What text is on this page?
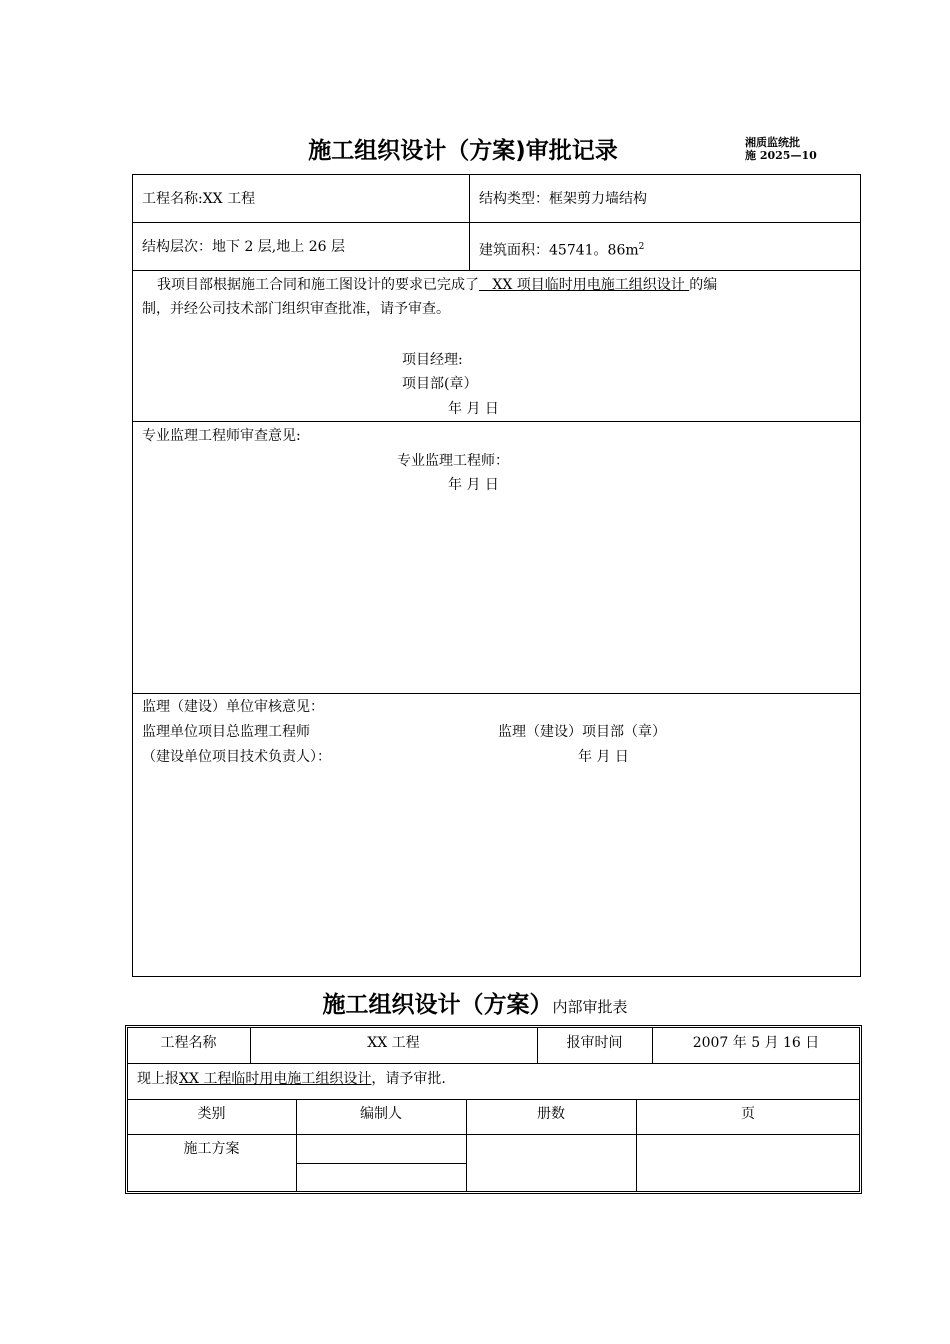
施工组织设计（方案)审批记录	湘质监统批
施 2025—10
工程名称:XX 工程	结构类型：框架剪力墙结构
结构层次：地下 2 层,地上 26 层	建筑面积：45741。$86m^2$
我项目部根据施工合同和施工图设计的要求已完成了 XX 项目临时用电施工组织设计 的编
制，并经公司技术部门组织审查批准，请予审查。
项目经理:
项目部(章）
年 月 日
专业监理工程师审查意见:
专业监理工程师：
年 月 日
监理（建设）单位审核意见：
监理单位项目总监理工程师	监理（建设）项目部（章）
（建设单位项目技术负责人）：	年 月 日
施工组织设计（方案）内部审批表
工程名称	XX 工程	报审时间	2007 年 5 月 16 日
现上报XX 工程临时用电施工组织设计，请予审批.
类别	编制人	册数	页
施工方案
